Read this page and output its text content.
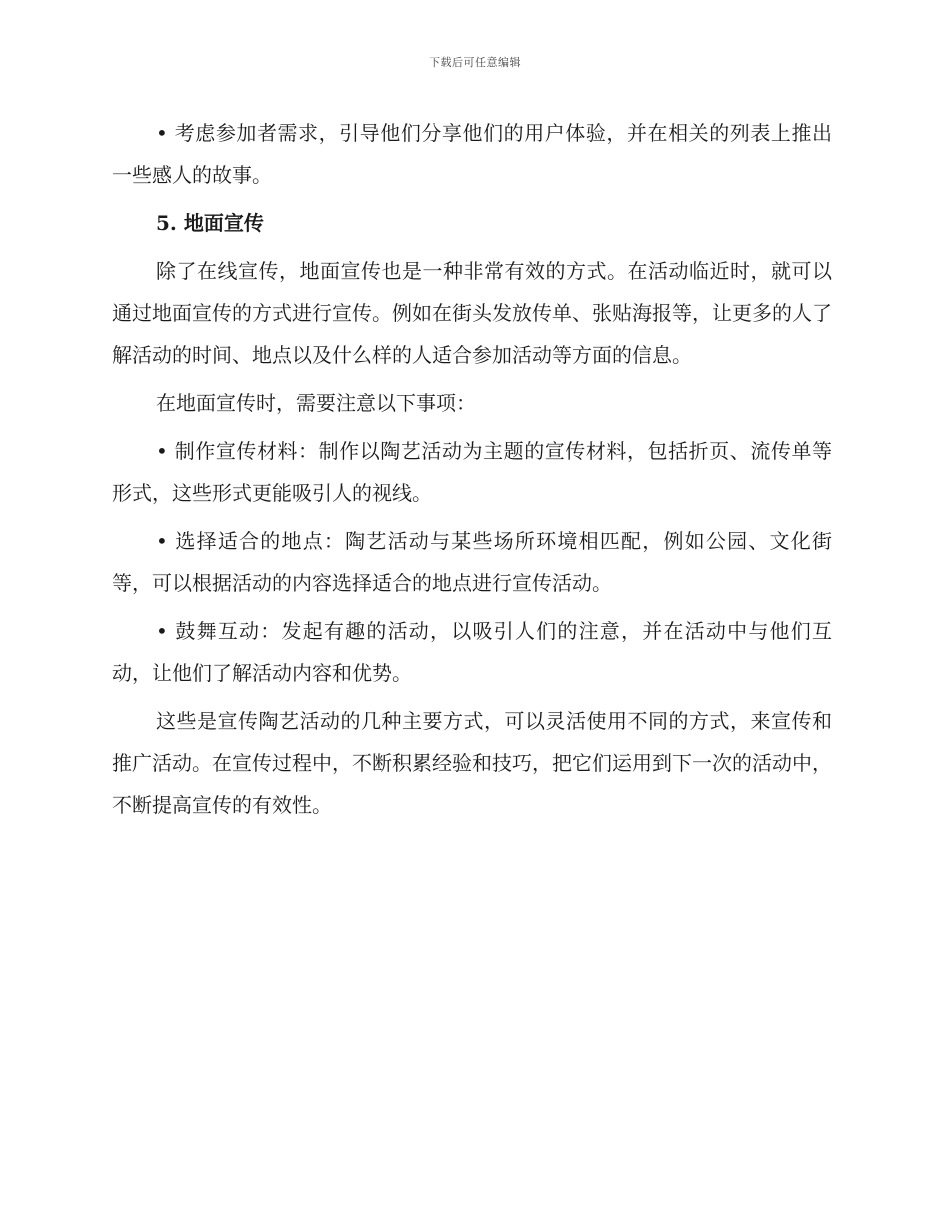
下载后可任意编辑

• 考虑参加者需求，引导他们分享他们的用户体验，并在相关的列表上推出一些感人的故事。

5. 地面宣传

除了在线宣传，地面宣传也是一种非常有效的方式。在活动临近时，就可以通过地面宣传的方式进行宣传。例如在街头发放传单、张贴海报等，让更多的人了解活动的时间、地点以及什么样的人适合参加活动等方面的信息。

在地面宣传时，需要注意以下事项：

• 制作宣传材料：制作以陶艺活动为主题的宣传材料，包括折页、流传单等形式，这些形式更能吸引人的视线。

• 选择适合的地点：陶艺活动与某些场所环境相匹配，例如公园、文化街等，可以根据活动的内容选择适合的地点进行宣传活动。

• 鼓舞互动：发起有趣的活动，以吸引人们的注意，并在活动中与他们互动，让他们了解活动内容和优势。

这些是宣传陶艺活动的几种主要方式，可以灵活使用不同的方式，来宣传和推广活动。在宣传过程中，不断积累经验和技巧，把它们运用到下一次的活动中，不断提高宣传的有效性。
